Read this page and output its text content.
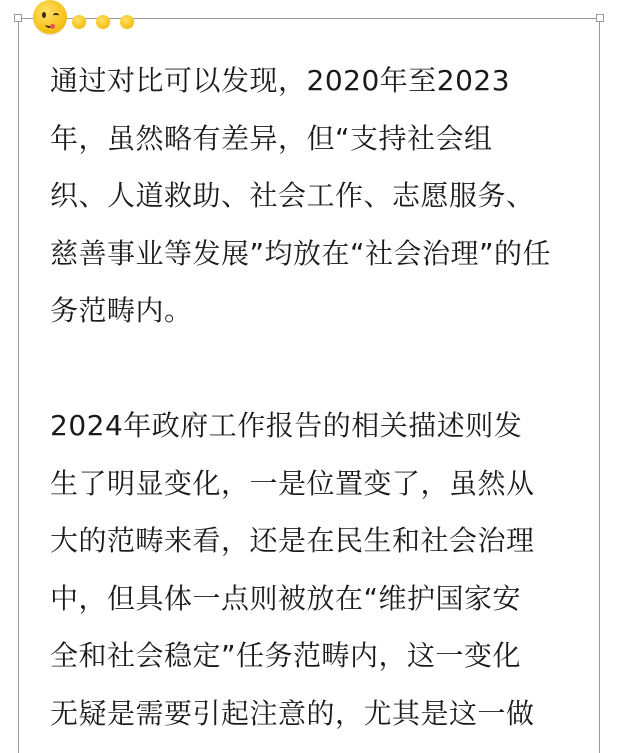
通过对比可以发现，2020年至2023

年，虽然略有差异，但“支持社会组

织、人道救助、社会工作、志愿服务、

慈善事业等发展”均放在“社会治理”的任

务范畴内。

2024年政府工作报告的相关描述则发

生了明显变化，一是位置变了，虽然从

大的范畴来看，还是在民生和社会治理

中，但具体一点则被放在“维护国家安

全和社会稳定”任务范畴内，这一变化

无疑是需要引起注意的，尤其是这一做
